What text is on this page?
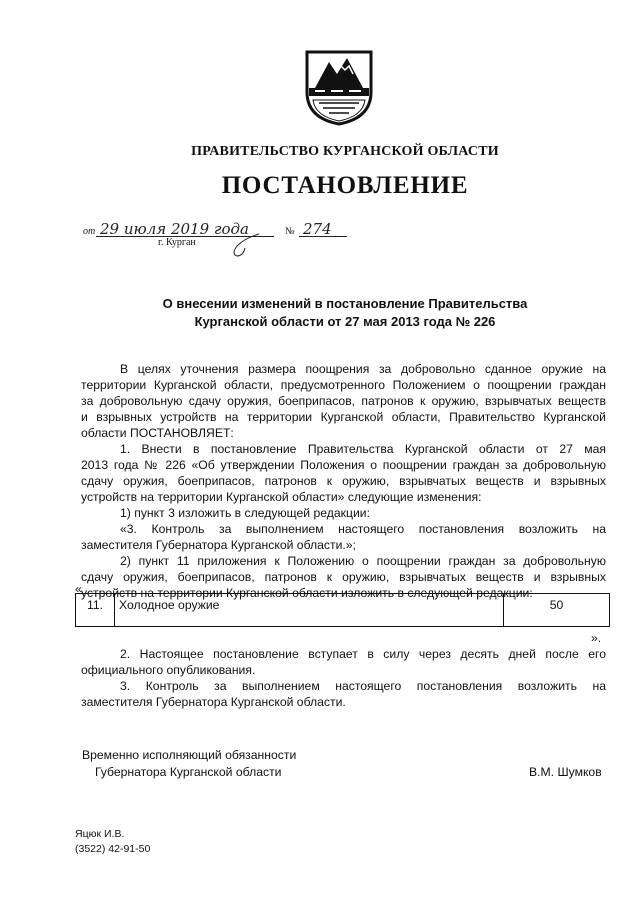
ПРАВИТЕЛЬСТВО КУРГАНСКОЙ ОБЛАСТИ
ПОСТАНОВЛЕНИЕ
от 29 июля 2019 года	№ 274
г. Курган
О внесении изменений в постановление Правительства
Курганской области от 27 мая 2013 года № 226
В целях уточнения размера поощрения за добровольно сданное оружие на
территории Курганской области, предусмотренного Положением о поощрении граждан
за добровольную сдачу оружия, боеприпасов, патронов к оружию, взрывчатых веществ
и взрывных устройств на территории Курганской области, Правительство Курганской
области ПОСТАНОВЛЯЕТ:
1. Внести в постановление Правительства Курганской области от 27 мая
2013 года № 226 «Об утверждении Положения о поощрении граждан за добровольную
сдачу оружия, боеприпасов, патронов к оружию, взрывчатых веществ и взрывных
устройств на территории Курганской области» следующие изменения:
1) пункт 3 изложить в следующей редакции:
«3. Контроль за выполнением настоящего постановления возложить на
заместителя Губернатора Курганской области.»;
2) пункт 11 приложения к Положению о поощрении граждан за добровольную
сдачу оружия, боеприпасов, патронов к оружию, взрывчатых веществ и взрывных
устройств на территории Курганской области изложить в следующей редакции:
«
11.	Холодное оружие	50
».
2. Настоящее постановление вступает в силу через десять дней после его
официального опубликования.
3. Контроль за выполнением настоящего постановления возложить на
заместителя Губернатора Курганской области.
Временно исполняющий обязанности
Губернатора Курганской области	В.М. Шумков
Яцюк И.В.
(3522) 42-91-50
